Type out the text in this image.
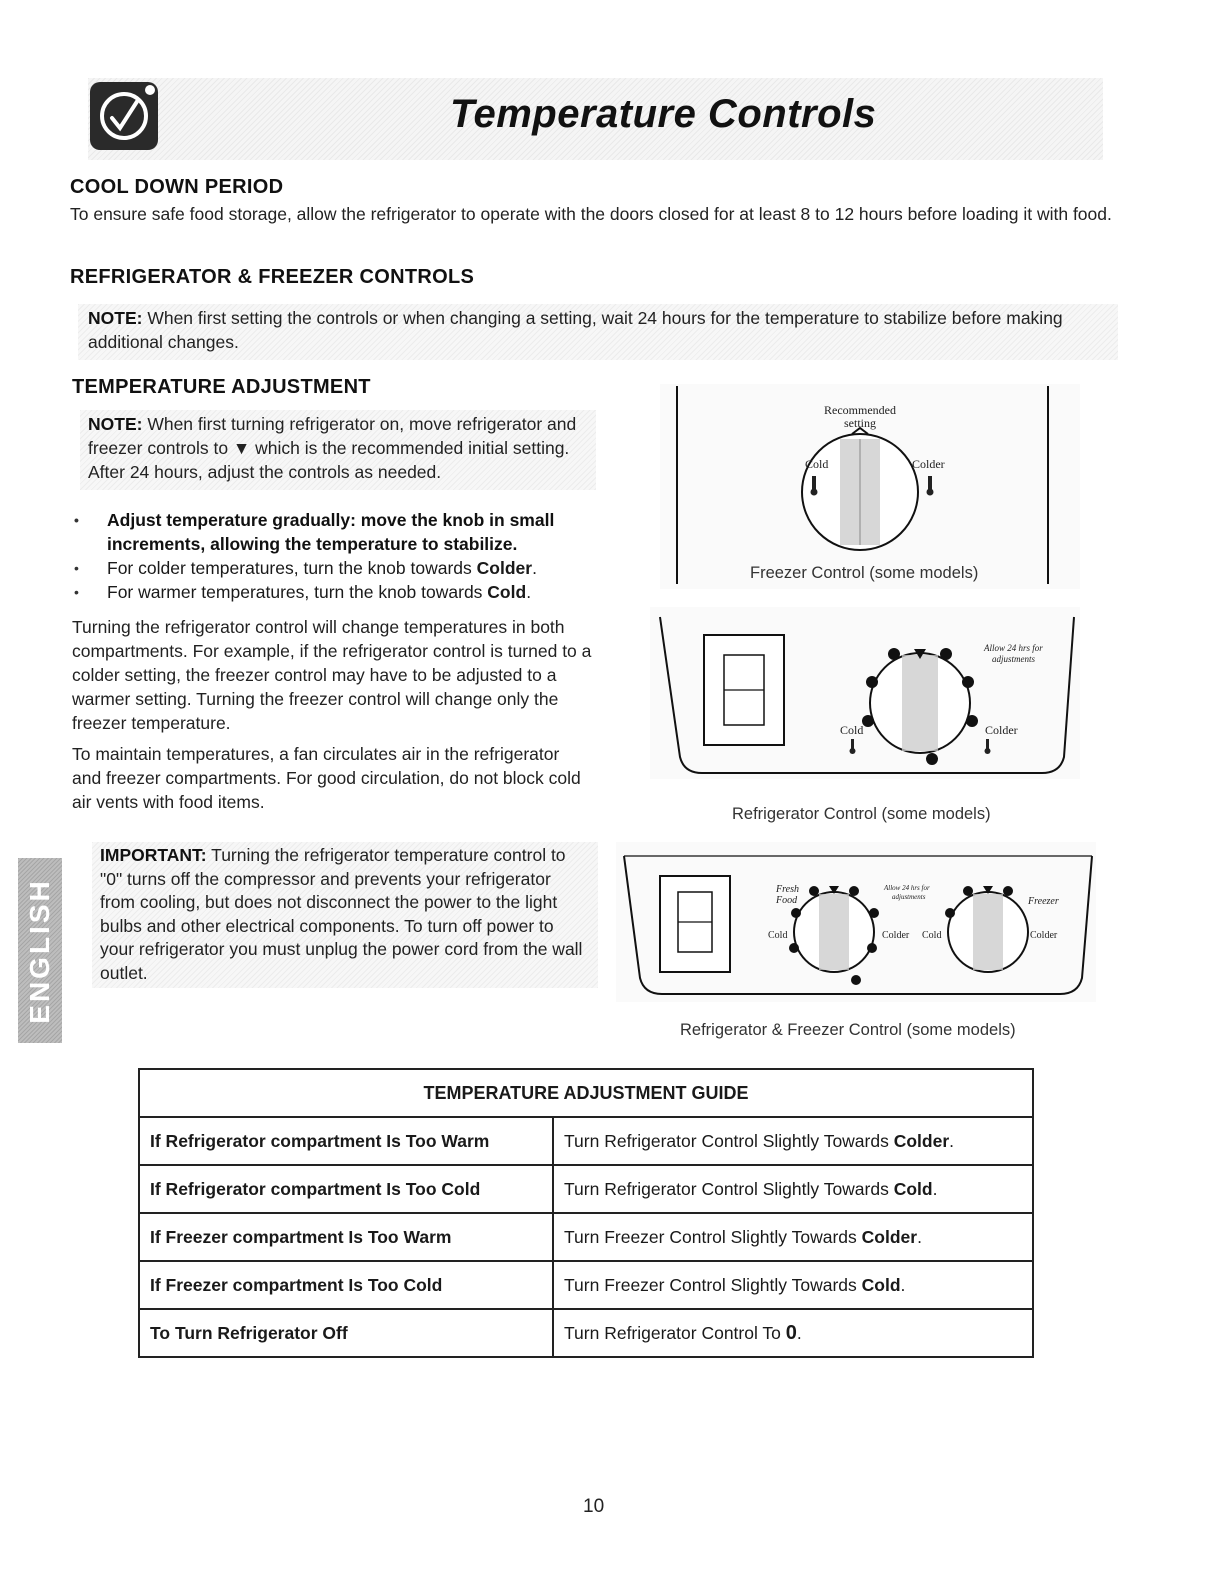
Temperature Controls
COOL DOWN PERIOD

To ensure safe food storage, allow the refrigerator to operate with the doors closed for at least 8 to 12 hours before loading it with food.

REFRIGERATOR & FREEZER CONTROLS
NOTE: When first setting the controls or when changing a setting, wait 24 hours for the temperature to stabilize before making additional changes.
TEMPERATURE ADJUSTMENT
NOTE: When first turning refrigerator on, move refrigerator and freezer controls to ▼ which is the recommended initial setting. After 24 hours, adjust the controls as needed.
• Adjust temperature gradually: move the knob in small increments, allowing the temperature to stabilize.
• For colder temperatures, turn the knob towards Colder.
• For warmer temperatures, turn the knob towards Cold.

Turning the refrigerator control will change temperatures in both compartments. For example, if the refrigerator control is turned to a colder setting, the freezer control may have to be adjusted to a warmer setting. Turning the freezer control will change only the freezer temperature.

To maintain temperatures, a fan circulates air in the refrigerator and freezer compartments. For good circulation, do not block cold air vents with food items.

IMPORTANT: Turning the refrigerator temperature control to "0" turns off the compressor and prevents your refrigerator from cooling, but does not disconnect the power to the light bulbs and other electrical components. To turn off power to your refrigerator you must unplug the power cord from the wall outlet.
ENGLISH
Cold	Colder
Recommended
setting
Freezer Control (some models)
Cold	Colder
Allow 24 hrs for
adjustments
Refrigerator Control (some models)
Fresh
Food
Allow 24 hrs for
adjustments	Freezer
Cold	Colder Cold	Colder
Refrigerator & Freezer Control (some models)
TEMPERATURE ADJUSTMENT GUIDE	
If Refrigerator compartment Is Too Warm	Turn Refrigerator Control Slightly Towards Colder.
If Refrigerator compartment Is Too Cold	Turn Refrigerator Control Slightly Towards Cold.
If Freezer compartment Is Too Warm	Turn Freezer Control Slightly Towards Colder.
If Freezer compartment Is Too Cold	Turn Freezer Control Slightly Towards Cold.
To Turn Refrigerator Off	Turn Refrigerator Control To 0.
10
